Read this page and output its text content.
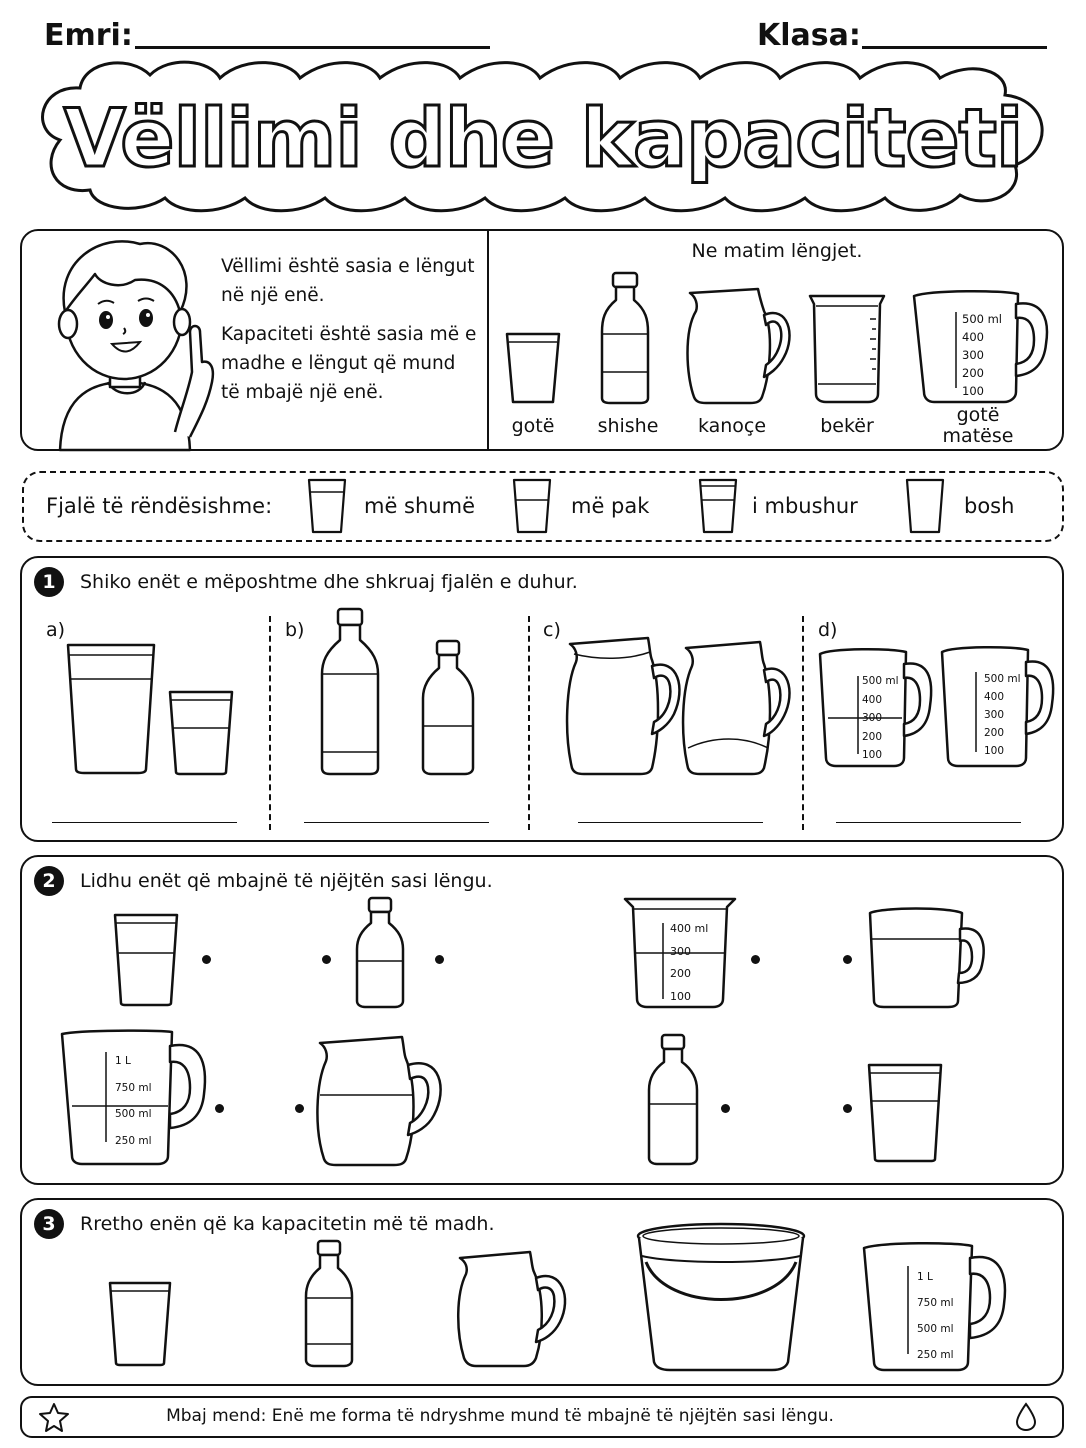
Emri:	Klasa:
Vëllimi dhe kapaciteti
Vëllimi është sasia e lëngut në një enë.
Kapaciteti është sasia më e madhe e lëngut që mund të mbajë një enë.
Ne matim lëngjet.
500 ml
400
300
200
100
gotë	shishe	kanoçe	bekër	gotë matëse
Fjalë të rëndësishme:	më shumë	më pak	i mbushur	bosh
1	Shiko enët e mëposhtme dhe shkruaj fjalën e duhur.
a)	b)	c)	d)
500 ml
400
300
200
100
500 ml
400
300
200
100
2	Lidhu enët që mbajnë të njëjtën sasi lëngu.
400 ml
300
200
100
1 L
750 ml
500 ml
250 ml
3	Rretho enën që ka kapacitetin më të madh.
1 L
750 ml
500 ml
250 ml
Mbaj mend: Enë me forma të ndryshme mund të mbajnë të njëjtën sasi lëngu.
